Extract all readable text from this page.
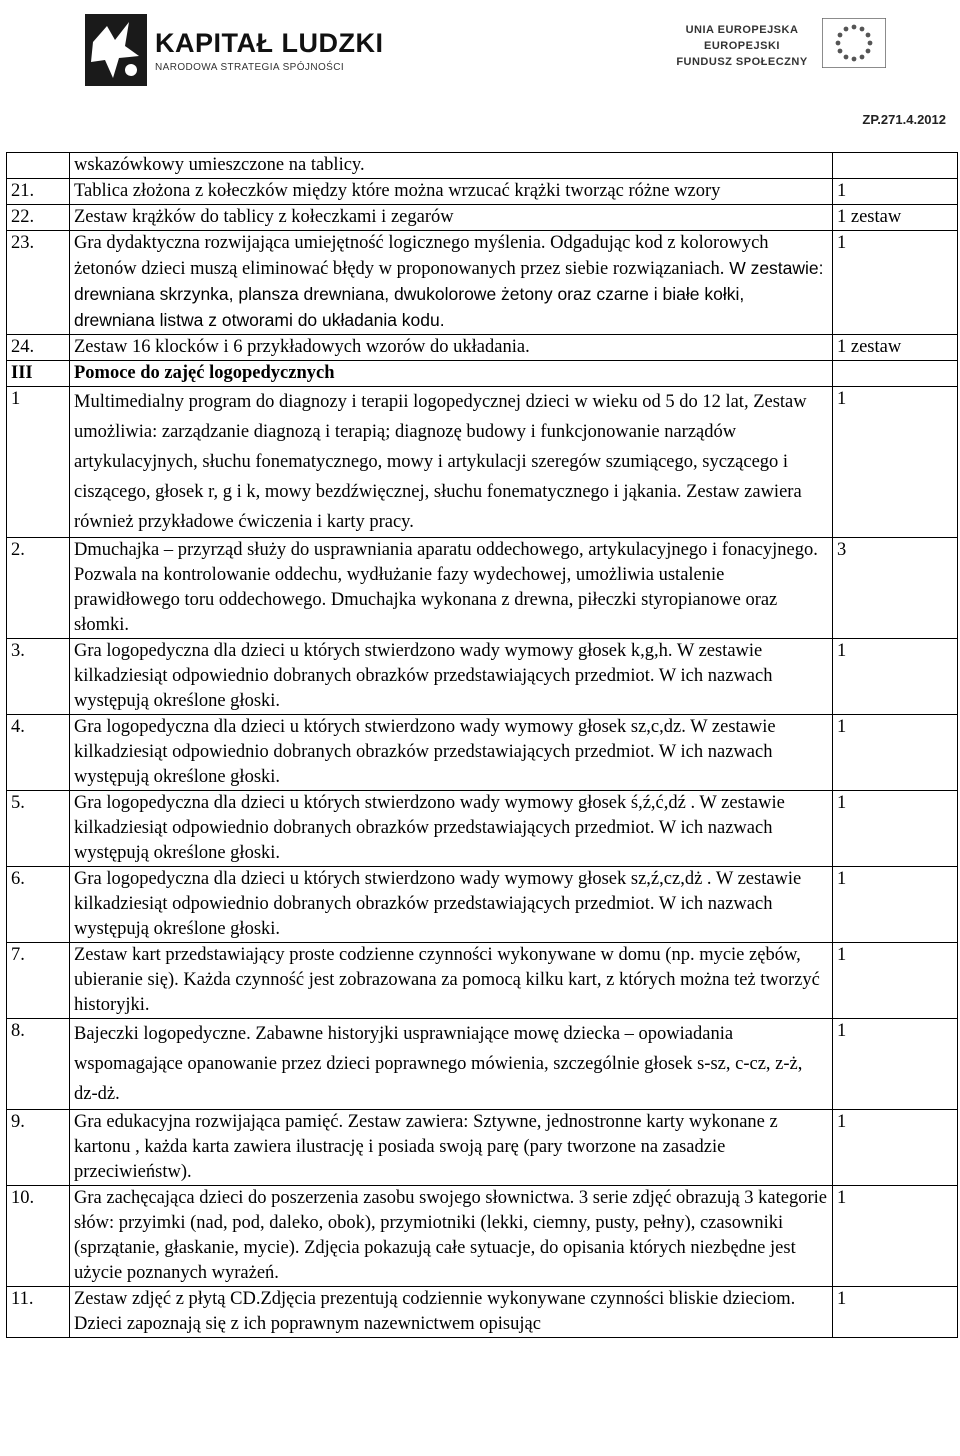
KAPITAŁ LUDZKI
NARODOWA STRATEGIA SPÓJNOŚCI
UNIA EUROPEJSKA
EUROPEJSKI
FUNDUSZ SPOŁECZNY
ZP.271.4.2012
	wskazówkowy umieszczone na tablicy.	
21.	Tablica złożona z kołeczków między które można wrzucać krążki tworząc różne wzory	1
22.	Zestaw krążków do tablicy z kołeczkami i zegarów	1 zestaw
23.	Gra dydaktyczna rozwijająca umiejętność logicznego myślenia. Odgadując kod z kolorowych żetonów dzieci muszą eliminować błędy w proponowanych przez siebie rozwiązaniach. W zestawie: drewniana skrzynka, plansza drewniana, dwukolorowe żetony oraz czarne i białe kołki, drewniana listwa z otworami do układania kodu.	1
24.	Zestaw 16 klocków i 6 przykładowych wzorów do układania.	1 zestaw
III	Pomoce do zajęć logopedycznych	
1	Multimedialny program do diagnozy i terapii logopedycznej dzieci w wieku od 5 do 12 lat, Zestaw umożliwia: zarządzanie diagnozą i terapią; diagnozę budowy i funkcjonowanie narządów artykulacyjnych, słuchu fonematycznego, mowy i artykulacji szeregów szumiącego, syczącego i ciszącego, głosek r, g i k, mowy bezdźwięcznej, słuchu fonematycznego i jąkania. Zestaw zawiera również przykładowe ćwiczenia i karty pracy.	1
2.	Dmuchajka – przyrząd służy do usprawniania aparatu oddechowego, artykulacyjnego i fonacyjnego. Pozwala na kontrolowanie oddechu, wydłużanie fazy wydechowej, umożliwia ustalenie prawidłowego toru oddechowego. Dmuchajka wykonana z drewna, piłeczki styropianowe oraz słomki.	3
3.	Gra logopedyczna dla dzieci u których stwierdzono wady wymowy głosek k,g,h. W zestawie kilkadziesiąt odpowiednio dobranych obrazków przedstawiających przedmiot. W ich nazwach występują określone głoski.	1
4.	Gra logopedyczna dla dzieci u których stwierdzono wady wymowy głosek sz,c,dz. W zestawie kilkadziesiąt odpowiednio dobranych obrazków przedstawiających przedmiot. W ich nazwach występują określone głoski.	1
5.	Gra logopedyczna dla dzieci u których stwierdzono wady wymowy głosek ś,ź,ć,dź . W zestawie kilkadziesiąt odpowiednio dobranych obrazków przedstawiających przedmiot. W ich nazwach występują określone głoski.	1
6.	Gra logopedyczna dla dzieci u których stwierdzono wady wymowy głosek sz,ź,cz,dż . W zestawie kilkadziesiąt odpowiednio dobranych obrazków przedstawiających przedmiot. W ich nazwach występują określone głoski.	1
7.	Zestaw kart przedstawiający proste codzienne czynności wykonywane w domu (np. mycie zębów, ubieranie się). Każda czynność jest zobrazowana za pomocą kilku kart, z których można też tworzyć historyjki.	1
8.	Bajeczki logopedyczne. Zabawne historyjki usprawniające mowę dziecka – opowiadania wspomagające opanowanie przez dzieci poprawnego mówienia, szczególnie głosek s-sz, c-cz, z-ż, dz-dż.	1
9.	Gra edukacyjna rozwijająca pamięć. Zestaw zawiera: Sztywne, jednostronne karty wykonane z kartonu , każda karta zawiera ilustrację i posiada swoją parę (pary tworzone na zasadzie przeciwieństw).	1
10.	Gra zachęcająca dzieci do poszerzenia zasobu swojego słownictwa. 3 serie zdjęć obrazują 3 kategorie słów: przyimki (nad, pod, daleko, obok), przymiotniki (lekki, ciemny, pusty, pełny), czasowniki (sprzątanie, głaskanie, mycie). Zdjęcia pokazują całe sytuacje, do opisania których niezbędne jest użycie poznanych wyrażeń.	1
11.	Zestaw zdjęć z płytą CD.Zdjęcia prezentują codziennie wykonywane czynności bliskie dzieciom. Dzieci zapoznają się z ich poprawnym nazewnictwem opisując	1
